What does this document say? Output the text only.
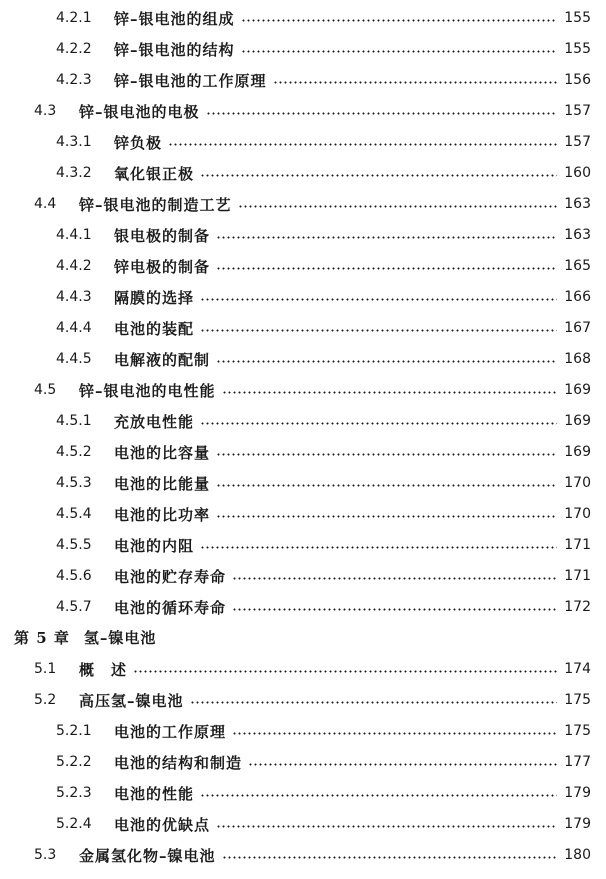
4.2.1	锌–银电池的组成	155
4.2.2	锌–银电池的结构	155
4.2.3	锌–银电池的工作原理	156
4.3	锌–银电池的电极	157
4.3.1	锌负极	157
4.3.2	氧化银正极	160
4.4	锌–银电池的制造工艺	163
4.4.1	银电极的制备	163
4.4.2	锌电极的制备	165
4.4.3	隔膜的选择	166
4.4.4	电池的装配	167
4.4.5	电解液的配制	168
4.5	锌–银电池的电性能	169
4.5.1	充放电性能	169
4.5.2	电池的比容量	169
4.5.3	电池的比能量	170
4.5.4	电池的比功率	170
4.5.5	电池的内阻	171
4.5.6	电池的贮存寿命	171
4.5.7	电池的循环寿命	172
第 5 章 氢–镍电池
5.1	概　述	174
5.2	高压氢–镍电池	175
5.2.1	电池的工作原理	175
5.2.2	电池的结构和制造	177
5.2.3	电池的性能	179
5.2.4	电池的优缺点	179
5.3	金属氢化物–镍电池	180
